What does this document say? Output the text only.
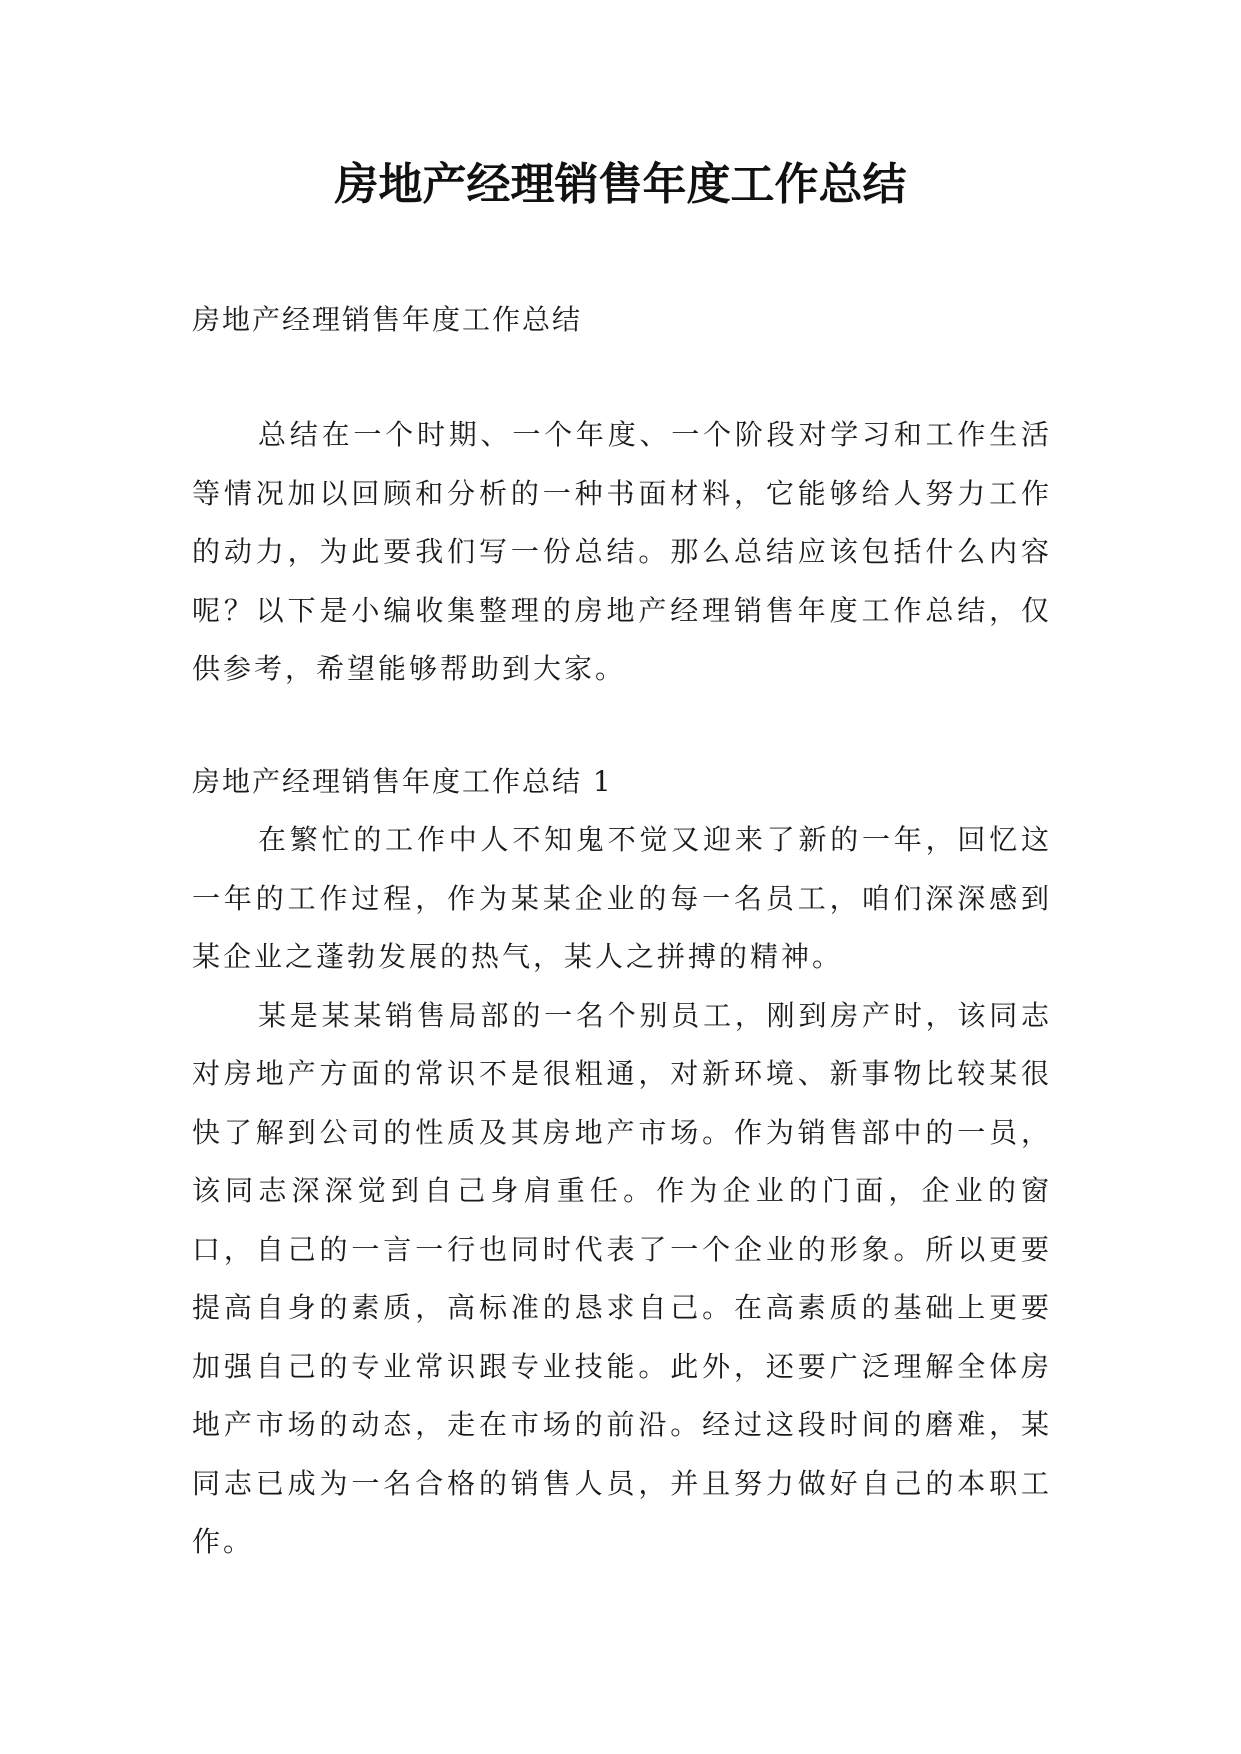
房地产经理销售年度工作总结

房地产经理销售年度工作总结

总结在一个时期、一个年度、一个阶段对学习和工作生活等情况加以回顾和分析的一种书面材料，它能够给人努力工作的动力，为此要我们写一份总结。那么总结应该包括什么内容呢？以下是小编收集整理的房地产经理销售年度工作总结，仅供参考，希望能够帮助到大家。

房地产经理销售年度工作总结 1

在繁忙的工作中人不知鬼不觉又迎来了新的一年，回忆这一年的工作过程，作为某某企业的每一名员工，咱们深深感到某企业之蓬勃发展的热气，某人之拼搏的精神。

某是某某销售局部的一名个别员工，刚到房产时，该同志对房地产方面的常识不是很粗通，对新环境、新事物比较某很快了解到公司的性质及其房地产市场。作为销售部中的一员，该同志深深觉到自己身肩重任。作为企业的门面，企业的窗口，自己的一言一行也同时代表了一个企业的形象。所以更要提高自身的素质，高标准的恳求自己。在高素质的基础上更要加强自己的专业常识跟专业技能。此外，还要广泛理解全体房地产市场的动态，走在市场的前沿。经过这段时间的磨难，某同志已成为一名合格的销售人员，并且努力做好自己的本职工作。
